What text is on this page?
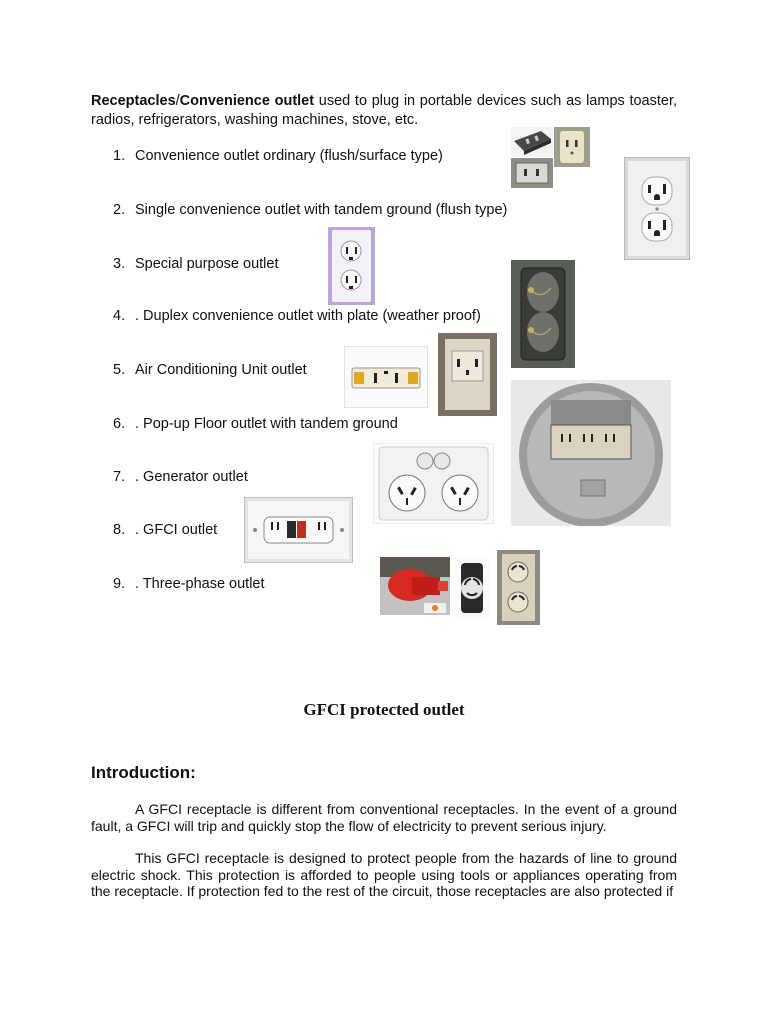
Receptacles/Convenience outlet used to plug in portable devices such as lamps toaster, radios, refrigerators, washing machines, stove, etc.
1. Convenience outlet ordinary (flush/surface type)
2. Single convenience outlet with tandem ground (flush type)
3. Special purpose outlet
4. . Duplex convenience outlet with plate (weather proof)
5. Air Conditioning Unit outlet
6. . Pop-up Floor outlet with tandem ground
7. . Generator outlet
8. . GFCI outlet
9. . Three-phase outlet
GFCI protected outlet
Introduction:
A GFCI receptacle is different from conventional receptacles. In the event of a ground fault, a GFCI will trip and quickly stop the flow of electricity to prevent serious injury.
This GFCI receptacle is designed to protect people from the hazards of line to ground electric shock. This protection is afforded to people using tools or appliances operating from the receptacle. If protection fed to the rest of the circuit, those receptacles are also protected if
